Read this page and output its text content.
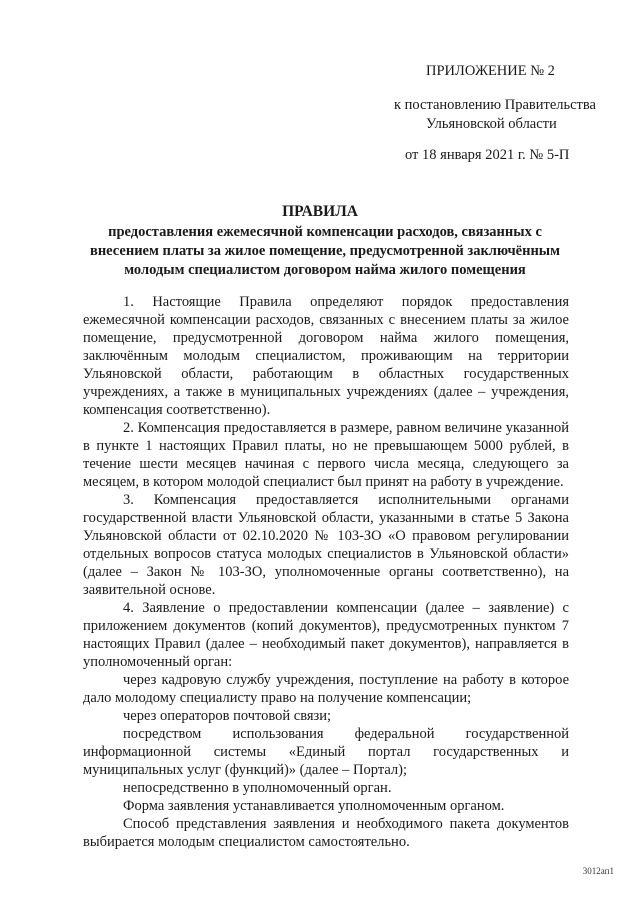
ПРИЛОЖЕНИЕ № 2
к постановлению Правительства
Ульяновской области
от 18 января 2021 г. № 5-П
ПРАВИЛА
предоставления ежемесячной компенсации расходов, связанных с внесением платы за жилое помещение, предусмотренной заключённым молодым специалистом договором найма жилого помещения

1. Настоящие Правила определяют порядок предоставления ежемесячной компенсации расходов, связанных с внесением платы за жилое помещение, предусмотренной договором найма жилого помещения, заключённым молодым специалистом, проживающим на территории Ульяновской области, работающим в областных государственных учреждениях, а также в муниципальных учреждениях (далее – учреждения, компенсация соответственно).

2. Компенсация предоставляется в размере, равном величине указанной в пункте 1 настоящих Правил платы, но не превышающем 5000 рублей, в течение шести месяцев начиная с первого числа месяца, следующего за месяцем, в котором молодой специалист был принят на работу в учреждение.

3. Компенсация предоставляется исполнительными органами государственной власти Ульяновской области, указанными в статье 5 Закона Ульяновской области от 02.10.2020 № 103-ЗО «О правовом регулировании отдельных вопросов статуса молодых специалистов в Ульяновской области» (далее – Закон № 103-ЗО, уполномоченные органы соответственно), на заявительной основе.

4. Заявление о предоставлении компенсации (далее – заявление) с приложением документов (копий документов), предусмотренных пунктом 7 настоящих Правил (далее – необходимый пакет документов), направляется в уполномоченный орган:

через кадровую службу учреждения, поступление на работу в которое дало молодому специалисту право на получение компенсации;

через операторов почтовой связи;

посредством использования федеральной государственной информационной системы «Единый портал государственных и муниципальных услуг (функций)» (далее – Портал);

непосредственно в уполномоченный орган.

Форма заявления устанавливается уполномоченным органом.

Способ представления заявления и необходимого пакета документов выбирается молодым специалистом самостоятельно.

3012ап1
